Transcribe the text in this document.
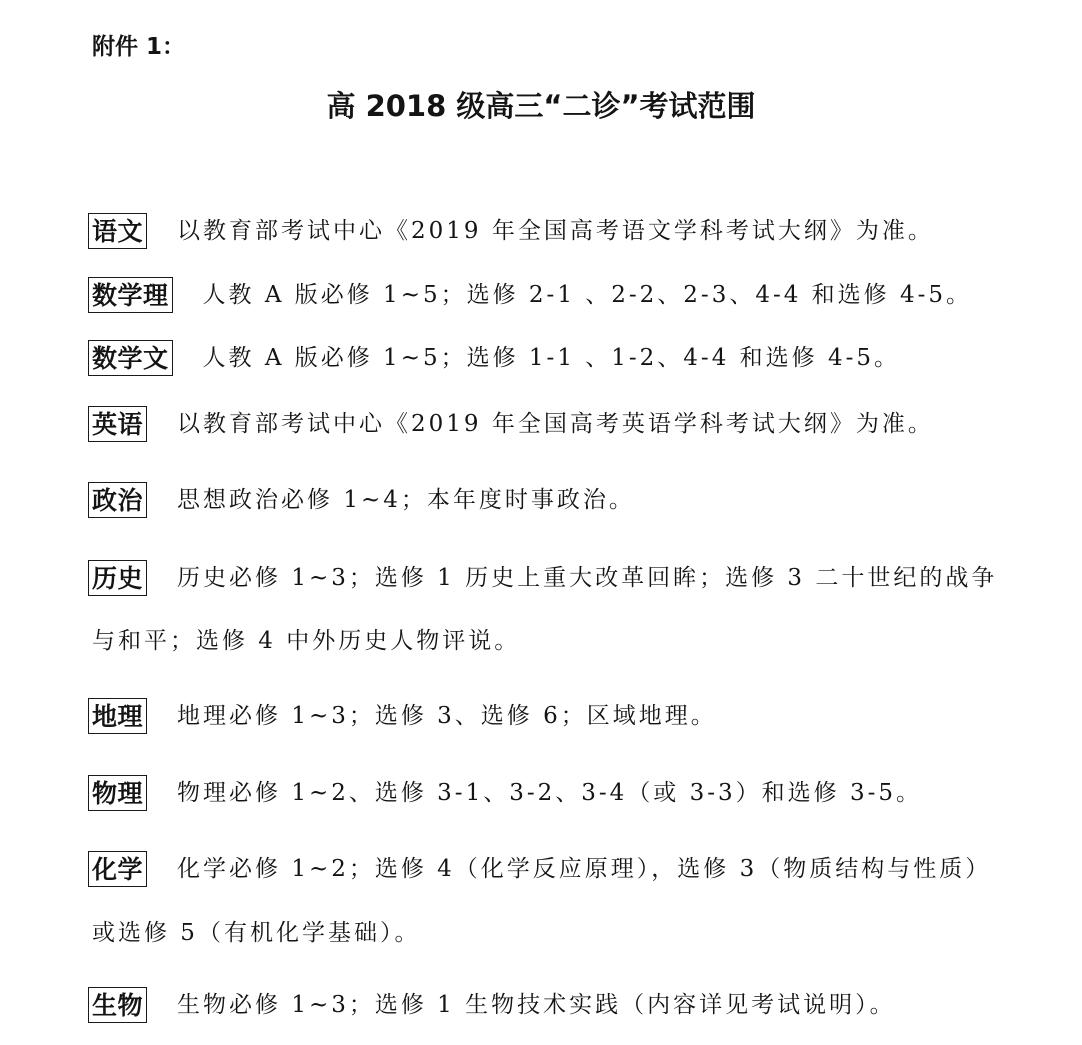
附件 1：
高 2018 级高三“二诊”考试范围
语文 以教育部考试中心《2019 年全国高考语文学科考试大纲》为准。
数学理 人教 A 版必修 1~5；选修 2-1 、2-2、2-3、4-4 和选修 4-5。
数学文 人教 A 版必修 1~5；选修 1-1 、1-2、4-4 和选修 4-5。
英语 以教育部考试中心《2019 年全国高考英语学科考试大纲》为准。
政治 思想政治必修 1~4；本年度时事政治。
历史 历史必修 1~3；选修 1 历史上重大改革回眸；选修 3 二十世纪的战争
与和平；选修 4 中外历史人物评说。
地理 地理必修 1~3；选修 3、选修 6；区域地理。
物理 物理必修 1~2、选修 3-1、3-2、3-4（或 3-3）和选修 3-5。
化学 化学必修 1~2；选修 4（化学反应原理），选修 3（物质结构与性质）
或选修 5（有机化学基础）。
生物 生物必修 1~3；选修 1 生物技术实践（内容详见考试说明）。
